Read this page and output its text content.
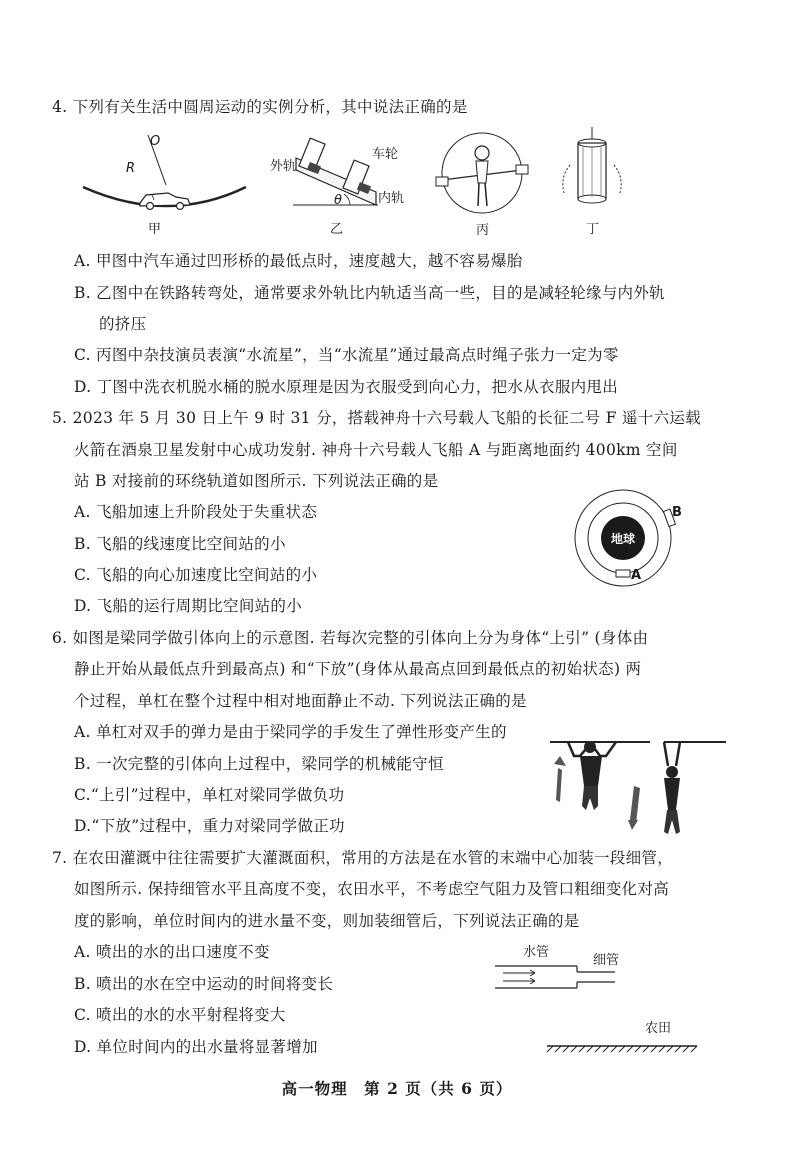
4. 下列有关生活中圆周运动的实例分析，其中说法正确的是
O
R
甲
外轨
车轮
内轨
θ
乙	丙	丁
A. 甲图中汽车通过凹形桥的最低点时，速度越大，越不容易爆胎
B. 乙图中在铁路转弯处，通常要求外轨比内轨适当高一些，目的是减轻轮缘与内外轨
的挤压
C. 丙图中杂技演员表演“水流星”，当“水流星”通过最高点时绳子张力一定为零
D. 丁图中洗衣机脱水桶的脱水原理是因为衣服受到向心力，把水从衣服内甩出
5. 2023 年 5 月 30 日上午 9 时 31 分，搭载神舟十六号载人飞船的长征二号 F 遥十六运载
火箭在酒泉卫星发射中心成功发射. 神舟十六号载人飞船 A 与距离地面约 400km 空间
站 B 对接前的环绕轨道如图所示. 下列说法正确的是
A. 飞船加速上升阶段处于失重状态
B. 飞船的线速度比空间站的小
C. 飞船的向心加速度比空间站的小
D. 飞船的运行周期比空间站的小
地球
B
A
6. 如图是梁同学做引体向上的示意图. 若每次完整的引体向上分为身体“上引” (身体由
静止开始从最低点升到最高点) 和“下放”(身体从最高点回到最低点的初始状态) 两
个过程，单杠在整个过程中相对地面静止不动. 下列说法正确的是
A. 单杠对双手的弹力是由于梁同学的手发生了弹性形变产生的
B. 一次完整的引体向上过程中，梁同学的机械能守恒
C.“上引”过程中，单杠对梁同学做负功
D.“下放”过程中，重力对梁同学做正功
7. 在农田灌溉中往往需要扩大灌溉面积，常用的方法是在水管的末端中心加装一段细管，
如图所示. 保持细管水平且高度不变，农田水平，不考虑空气阻力及管口粗细变化对高
度的影响，单位时间内的进水量不变，则加装细管后，下列说法正确的是
A. 喷出的水的出口速度不变
B. 喷出的水在空中运动的时间将变长
C. 喷出的水的水平射程将变大
D. 单位时间内的出水量将显著增加
水管
细管
农田
高一物理　第 2 页（共 6 页）
